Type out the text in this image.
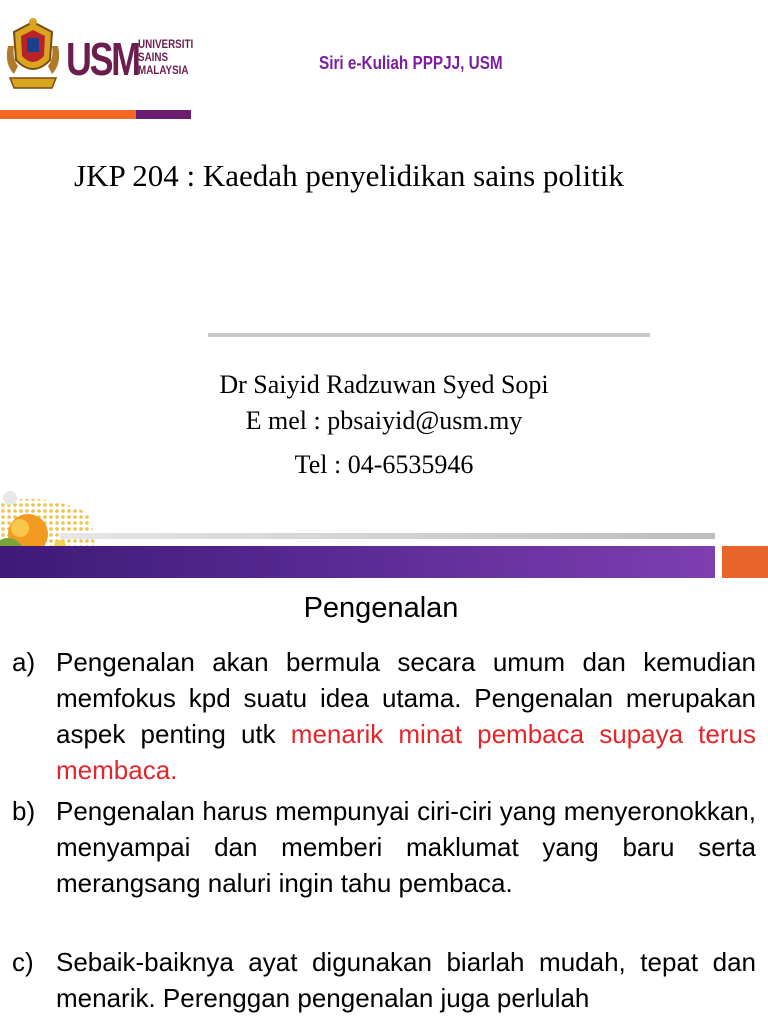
USM UNIVERSITI
SAINS
MALAYSIA	Siri e-Kuliah PPPJJ, USM
JKP 204 : Kaedah penyelidikan sains politik
Dr Saiyid Radzuwan Syed Sopi
E mel : pbsaiyid@usm.my
Tel : 04-6535946
Pengenalan
a) Pengenalan akan bermula secara umum dan kemudian memfokus kpd suatu idea utama. Pengenalan merupakan aspek penting utk menarik minat pembaca supaya terus membaca.
b) Pengenalan harus mempunyai ciri-ciri yang menyeronokkan, menyampai dan memberi maklumat yang baru serta merangsang naluri ingin tahu pembaca.
c) Sebaik-baiknya ayat digunakan biarlah mudah, tepat dan menarik. Perenggan pengenalan juga perlulah
